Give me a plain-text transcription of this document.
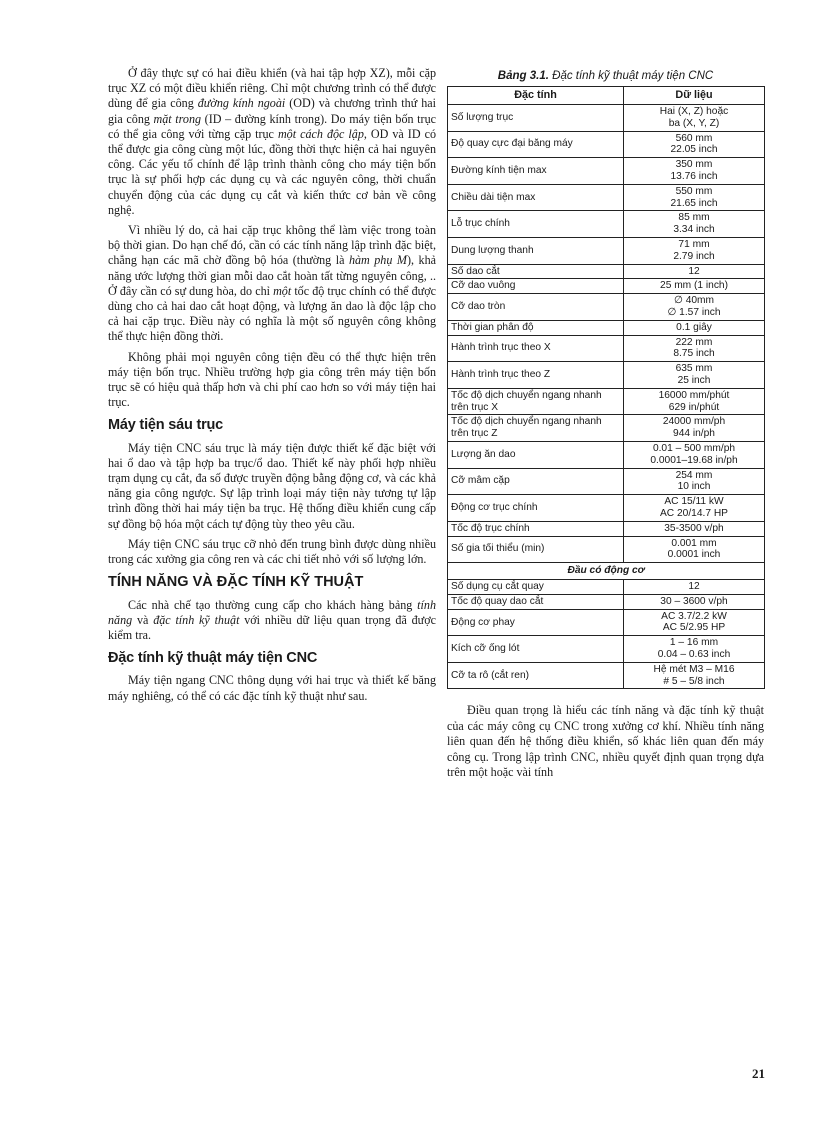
Ở đây thực sự có hai điều khiển (và hai tập hợp XZ), mỗi cặp trục XZ có một điều khiển riêng. Chỉ một chương trình có thể được dùng để gia công đường kính ngoài (OD) và chương trình thứ hai gia công mặt trong (ID – đường kính trong). Do máy tiện bốn trục có thể gia công với từng cặp trục một cách độc lập, OD và ID có thể được gia công cùng một lúc, đồng thời thực hiện cả hai nguyên công. Các yếu tố chính để lập trình thành công cho máy tiện bốn trục là sự phối hợp các dụng cụ và các nguyên công, thời chuẩn chuyển động của các dụng cụ cắt và kiến thức cơ bản về công nghệ.

Vì nhiều lý do, cả hai cặp trục không thể làm việc trong toàn bộ thời gian. Do hạn chế đó, cần có các tính năng lập trình đặc biệt, chẳng hạn các mã chờ đồng bộ hóa (thường là hàm phụ M), khả năng ước lượng thời gian mỗi dao cắt hoàn tất từng nguyên công, .. Ở đây cần có sự dung hòa, do chỉ một tốc độ trục chính có thể được dùng cho cả hai dao cắt hoạt động, và lượng ăn dao là độc lập cho cả hai cặp trục. Điều này có nghĩa là một số nguyên công không thể thực hiện đồng thời.

Không phải mọi nguyên công tiện đều có thể thực hiện trên máy tiện bốn trục. Nhiều trường hợp gia công trên máy tiện bốn trục sẽ có hiệu quả thấp hơn và chi phí cao hơn so với máy tiện hai trục.

Máy tiện sáu trục

Máy tiện CNC sáu trục là máy tiện được thiết kế đặc biệt với hai ổ dao và tập hợp ba trục/ổ dao. Thiết kế này phối hợp nhiều trạm dụng cụ cắt, đa số được truyền động bằng động cơ, và các khả năng gia công ngược. Sự lập trình loại máy tiện này tương tự lập trình đồng thời hai máy tiện ba trục. Hệ thống điều khiển cung cấp sự đồng bộ hóa một cách tự động tùy theo yêu cầu.

Máy tiện CNC sáu trục cỡ nhỏ đến trung bình được dùng nhiều trong các xưởng gia công ren và các chi tiết nhỏ với số lượng lớn.

TÍNH NĂNG VÀ ĐẶC TÍNH KỸ THUẬT

Các nhà chế tạo thường cung cấp cho khách hàng bảng tính năng và đặc tính kỹ thuật với nhiều dữ liệu quan trọng đã được kiểm tra.

Đặc tính kỹ thuật máy tiện CNC

Máy tiện ngang CNC thông dụng với hai trục và thiết kế băng máy nghiêng, có thể có các đặc tính kỹ thuật như sau.

Bảng 3.1. Đặc tính kỹ thuật máy tiện CNC
Đặc tính	Dữ liệu
Số lượng trục	Hai (X, Z) hoặc
ba (X, Y, Z)
Độ quay cực đại băng máy	560 mm
22.05 inch
Đường kính tiện max	350 mm
13.76 inch
Chiều dài tiện max	550 mm
21.65 inch
Lỗ trục chính	85 mm
3.34 inch
Dung lượng thanh	71 mm
2.79 inch
Số dao cắt	12
Cỡ dao vuông	25 mm (1 inch)
Cỡ dao tròn	∅ 40mm
∅ 1.57 inch
Thời gian phân độ	0.1 giây
Hành trình trục theo X	222 mm
8.75 inch
Hành trình trục theo Z	635 mm
25 inch
Tốc độ dịch chuyển ngang nhanh trên trục X	16000 mm/phút
629 in/phút
Tốc độ dịch chuyển ngang nhanh trên trục Z	24000 mm/ph
944 in/ph
Lượng ăn dao	0.01 – 500 mm/ph
0.0001–19.68 in/ph
Cỡ mâm cặp	254 mm
10 inch
Động cơ trục chính	AC 15/11 kW
AC 20/14.7 HP
Tốc độ trục chính	35-3500 v/ph
Số gia tối thiểu (min)	0.001 mm
0.0001 inch
Đầu có động cơ	
Số dụng cụ cắt quay	12
Tốc độ quay dao cắt	30 – 3600 v/ph
Động cơ phay	AC 3.7/2.2 kW
AC 5/2.95 HP
Kích cỡ ống lót	1 – 16 mm
0.04 – 0.63 inch
Cỡ ta rô (cắt ren)	Hệ mét M3 – M16
# 5 – 5/8 inch

Điều quan trọng là hiểu các tính năng và đặc tính kỹ thuật của các máy công cụ CNC trong xưởng cơ khí. Nhiều tính năng liên quan đến hệ thống điều khiển, số khác liên quan đến máy công cụ. Trong lập trình CNC, nhiều quyết định quan trọng dựa trên một hoặc vài tính

21
